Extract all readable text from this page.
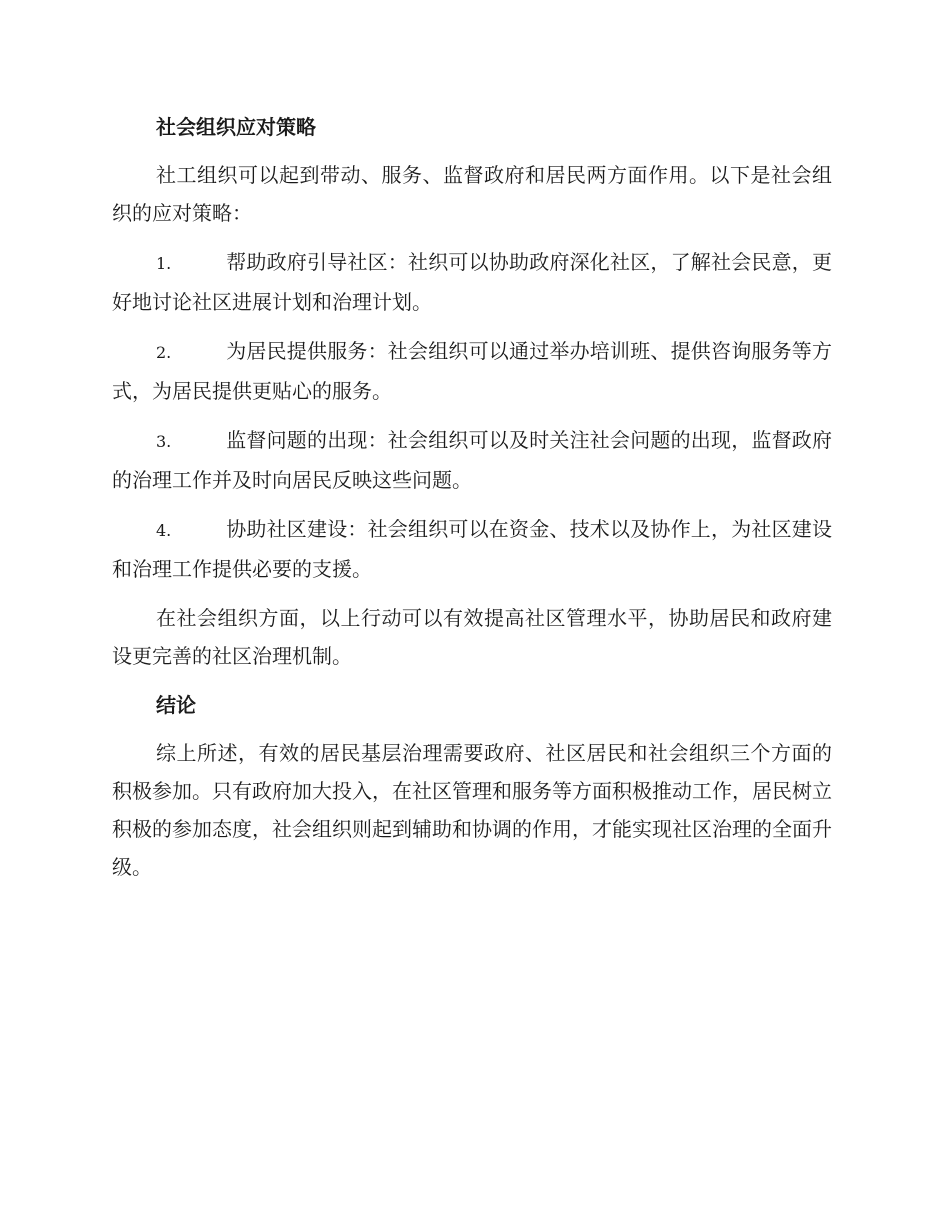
社会组织应对策略

社工组织可以起到带动、服务、监督政府和居民两方面作用。以下是社会组织的应对策略：

1.	帮助政府引导社区：社织可以协助政府深化社区，了解社会民意，更好地讨论社区进展计划和治理计划。

2.	为居民提供服务：社会组织可以通过举办培训班、提供咨询服务等方式，为居民提供更贴心的服务。

3.	监督问题的出现：社会组织可以及时关注社会问题的出现，监督政府的治理工作并及时向居民反映这些问题。

4.	协助社区建设：社会组织可以在资金、技术以及协作上，为社区建设和治理工作提供必要的支援。

在社会组织方面，以上行动可以有效提高社区管理水平，协助居民和政府建设更完善的社区治理机制。

结论

综上所述，有效的居民基层治理需要政府、社区居民和社会组织三个方面的积极参加。只有政府加大投入，在社区管理和服务等方面积极推动工作，居民树立积极的参加态度，社会组织则起到辅助和协调的作用，才能实现社区治理的全面升级。
